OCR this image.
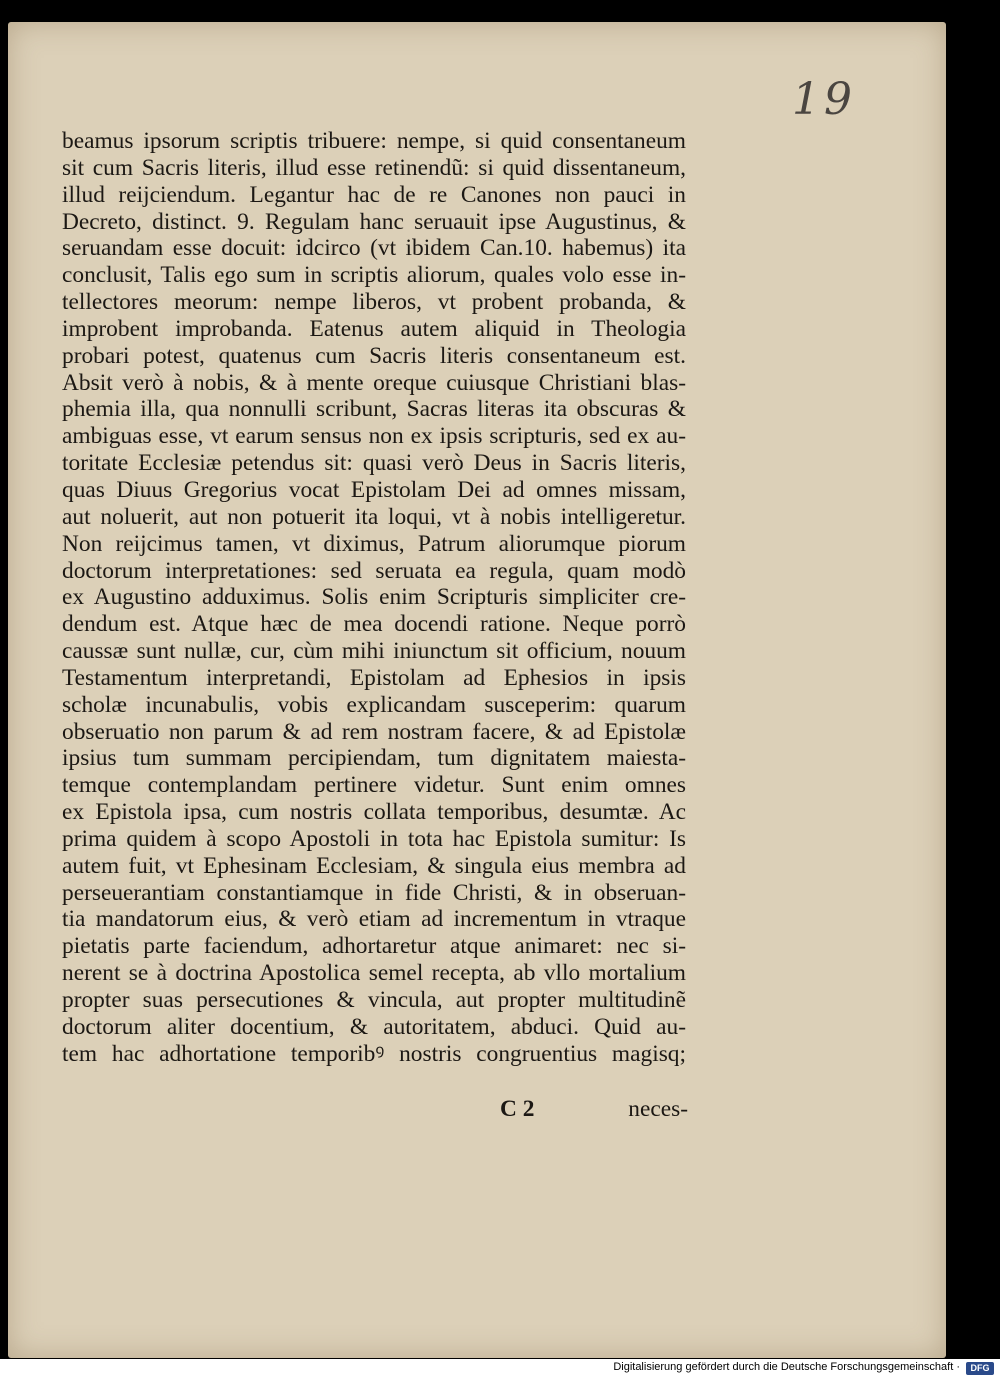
19
beamus ipsorum scriptis tribuere: nempe, si quid consentaneum
sit cum Sacris literis, illud esse retinendũ: si quid dissentaneum,
illud reijciendum. Legantur hac de re Canones non pauci in
Decreto, distinct. 9. Regulam hanc seruauit ipse Augustinus, &
seruandam esse docuit: idcirco (vt ibidem Can.10. habemus) ita
conclusit, Talis ego sum in scriptis aliorum, quales volo esse in-
tellectores meorum: nempe liberos, vt probent probanda, &
improbent improbanda. Eatenus autem aliquid in Theologia
probari potest, quatenus cum Sacris literis consentaneum est.
Absit verò à nobis, & à mente oreque cuiusque Christiani blas-
phemia illa, qua nonnulli scribunt, Sacras literas ita obscuras &
ambiguas esse, vt earum sensus non ex ipsis scripturis, sed ex au-
toritate Ecclesiæ petendus sit: quasi verò Deus in Sacris literis,
quas Diuus Gregorius vocat Epistolam Dei ad omnes missam,
aut noluerit, aut non potuerit ita loqui, vt à nobis intelligeretur.
Non reijcimus tamen, vt diximus, Patrum aliorumque piorum
doctorum interpretationes: sed seruata ea regula, quam modò
ex Augustino adduximus. Solis enim Scripturis simpliciter cre-
dendum est. Atque hæc de mea docendi ratione. Neque porrò
caussæ sunt nullæ, cur, cùm mihi iniunctum sit officium, nouum
Testamentum interpretandi, Epistolam ad Ephesios in ipsis
scholæ incunabulis, vobis explicandam susceperim: quarum
obseruatio non parum & ad rem nostram facere, & ad Epistolæ
ipsius tum summam percipiendam, tum dignitatem maiesta-
temque contemplandam pertinere videtur. Sunt enim omnes
ex Epistola ipsa, cum nostris collata temporibus, desumtæ. Ac
prima quidem à scopo Apostoli in tota hac Epistola sumitur: Is
autem fuit, vt Ephesinam Ecclesiam, & singula eius membra ad
perseuerantiam constantiamque in fide Christi, & in obseruan-
tia mandatorum eius, & verò etiam ad incrementum in vtraque
pietatis parte faciendum, adhortaretur atque animaret: nec si-
nerent se à doctrina Apostolica semel recepta, ab vllo mortalium
propter suas persecutiones & vincula, aut propter multitudinẽ
doctorum aliter docentium, & autoritatem, abduci. Quid au-
tem hac adhortatione temporibꝰ nostris congruentius magisq;
C 2	neces-
Digitalisierung gefördert durch die Deutsche Forschungsgemeinschaft ·	DFG
